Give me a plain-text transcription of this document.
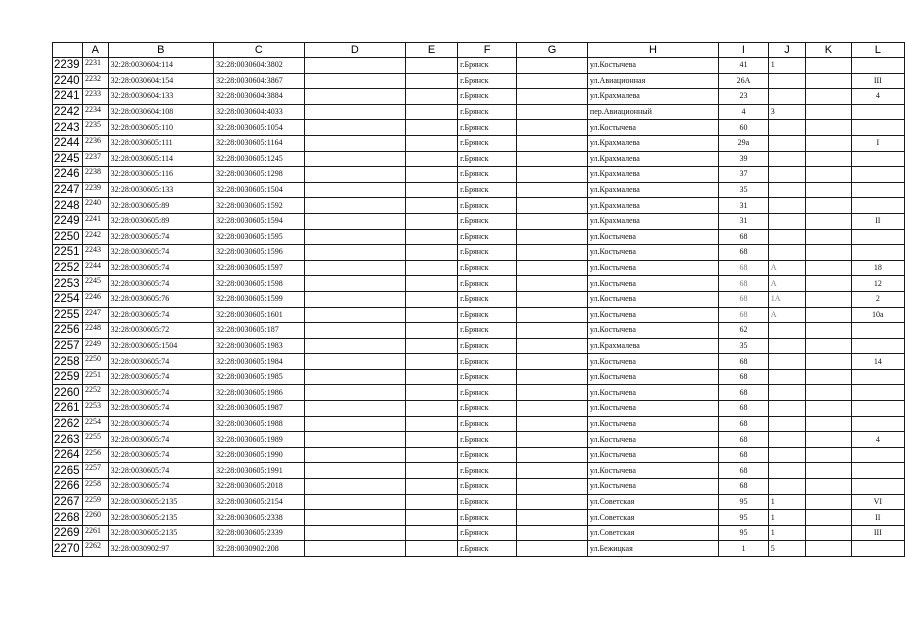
	A	B	C	D	E	F	G	H	I	J	K	L
2239	2231	32:28:0030604:114	32:28:0030604:3802			г.Брянск		ул.Костычева	41	1		
2240	2232	32:28:0030604:154	32:28:0030604:3867			г.Брянск		ул.Авиационная	26А			III
2241	2233	32:28:0030604:133	32:28:0030604:3884			г.Брянск		ул.Крахмалева	23			4
2242	2234	32:28:0030604:108	32:28:0030604:4033			г.Брянск		пер.Авиационный	4	3		
2243	2235	32:28:0030605:110	32:28:0030605:1054			г.Брянск		ул.Костычева	60			
2244	2236	32:28:0030605:111	32:28:0030605:1164			г.Брянск		ул.Крахмалева	29а			I
2245	2237	32:28:0030605:114	32:28:0030605:1245			г.Брянск		ул.Крахмалева	39			
2246	2238	32:28:0030605:116	32:28:0030605:1298			г.Брянск		ул.Крахмалева	37			
2247	2239	32:28:0030605:133	32:28:0030605:1504			г.Брянск		ул.Крахмалева	35			
2248	2240	32:28:0030605:89	32:28:0030605:1592			г.Брянск		ул.Крахмалева	31			
2249	2241	32:28:0030605:89	32:28:0030605:1594			г.Брянск		ул.Крахмалева	31			II
2250	2242	32:28:0030605:74	32:28:0030605:1595			г.Брянск		ул.Костычева	68			
2251	2243	32:28:0030605:74	32:28:0030605:1596			г.Брянск		ул.Костычева	68			
2252	2244	32:28:0030605:74	32:28:0030605:1597			г.Брянск		ул.Костычева	68	А		18
2253	2245	32:28:0030605:74	32:28:0030605:1598			г.Брянск		ул.Костычева	68	А		12
2254	2246	32:28:0030605:76	32:28:0030605:1599			г.Брянск		ул.Костычева	68	1А		2
2255	2247	32:28:0030605:74	32:28:0030605:1601			г.Брянск		ул.Костычева	68	А		10а
2256	2248	32:28:0030605:72	32:28:0030605:187			г.Брянск		ул.Костычева	62			
2257	2249	32:28:0030605:1504	32:28:0030605:1983			г.Брянск		ул.Крахмалева	35			
2258	2250	32:28:0030605:74	32:28:0030605:1984			г.Брянск		ул.Костычева	68			14
2259	2251	32:28:0030605:74	32:28:0030605:1985			г.Брянск		ул.Костычева	68			
2260	2252	32:28:0030605:74	32:28:0030605:1986			г.Брянск		ул.Костычева	68			
2261	2253	32:28:0030605:74	32:28:0030605:1987			г.Брянск		ул.Костычева	68			
2262	2254	32:28:0030605:74	32:28:0030605:1988			г.Брянск		ул.Костычева	68			
2263	2255	32:28:0030605:74	32:28:0030605:1989			г.Брянск		ул.Костычева	68			4
2264	2256	32:28:0030605:74	32:28:0030605:1990			г.Брянск		ул.Костычева	68			
2265	2257	32:28:0030605:74	32:28:0030605:1991			г.Брянск		ул.Костычева	68			
2266	2258	32:28:0030605:74	32:28:0030605:2018			г.Брянск		ул.Костычева	68			
2267	2259	32:28:0030605:2135	32:28:0030605:2154			г.Брянск		ул.Советская	95	1		VI
2268	2260	32:28:0030605:2135	32:28:0030605:2338			г.Брянск		ул.Советская	95	1		II
2269	2261	32:28:0030605:2135	32:28:0030605:2339			г.Брянск		ул.Советская	95	1		III
2270	2262	32:28:0030902:97	32:28:0030902:208			г.Брянск		ул.Бежицкая	1	5		
